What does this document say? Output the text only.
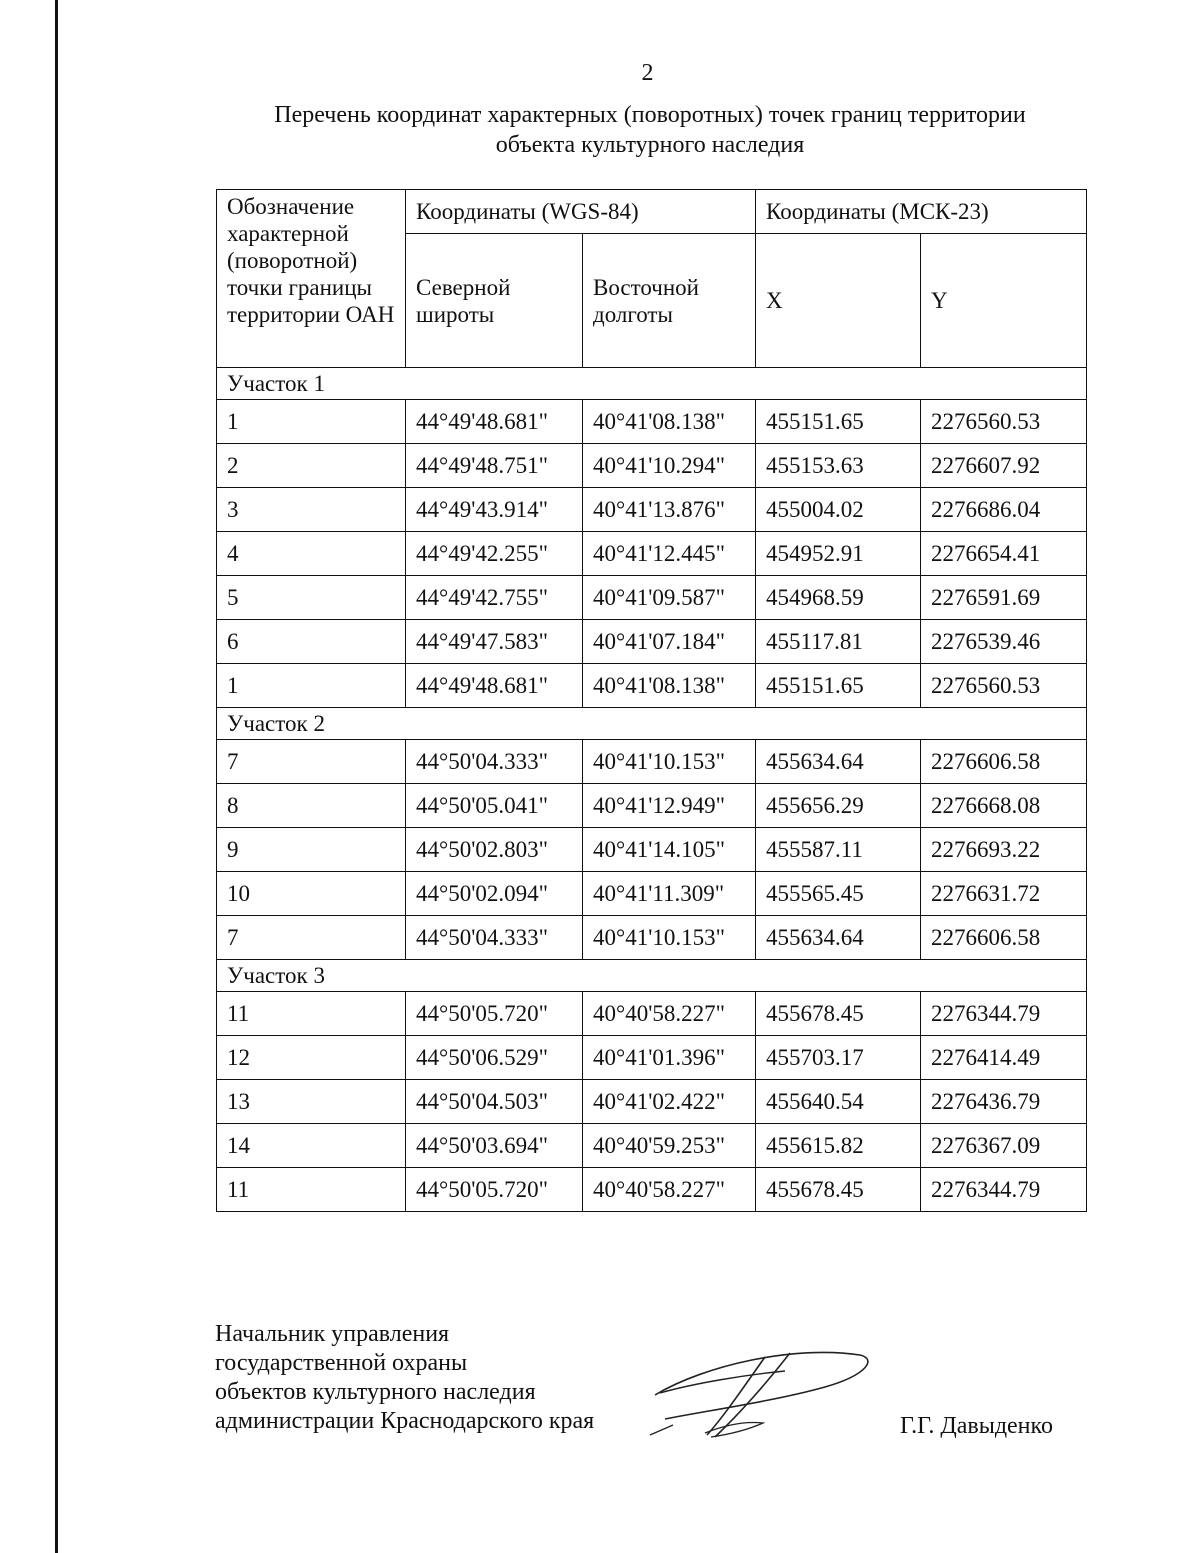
2
Перечень координат характерных (поворотных) точек границ территории
объекта культурного наследия
Обозначение характерной (поворотной) точки границы территории ОАН	Координаты (WGS-84)		Координаты (МСК-23)	
	Северной широты	Восточной долготы	X	Y
Участок 1				
1	44°49'48.681"	40°41'08.138"	455151.65	2276560.53
2	44°49'48.751"	40°41'10.294"	455153.63	2276607.92
3	44°49'43.914"	40°41'13.876"	455004.02	2276686.04
4	44°49'42.255"	40°41'12.445"	454952.91	2276654.41
5	44°49'42.755"	40°41'09.587"	454968.59	2276591.69
6	44°49'47.583"	40°41'07.184"	455117.81	2276539.46
1	44°49'48.681"	40°41'08.138"	455151.65	2276560.53
Участок 2				
7	44°50'04.333"	40°41'10.153"	455634.64	2276606.58
8	44°50'05.041"	40°41'12.949"	455656.29	2276668.08
9	44°50'02.803"	40°41'14.105"	455587.11	2276693.22
10	44°50'02.094"	40°41'11.309"	455565.45	2276631.72
7	44°50'04.333"	40°41'10.153"	455634.64	2276606.58
Участок 3				
11	44°50'05.720"	40°40'58.227"	455678.45	2276344.79
12	44°50'06.529"	40°41'01.396"	455703.17	2276414.49
13	44°50'04.503"	40°41'02.422"	455640.54	2276436.79
14	44°50'03.694"	40°40'59.253"	455615.82	2276367.09
11	44°50'05.720"	40°40'58.227"	455678.45	2276344.79
Начальник управления
государственной охраны
объектов культурного наследия
администрации Краснодарского края	Г.Г. Давыденко
